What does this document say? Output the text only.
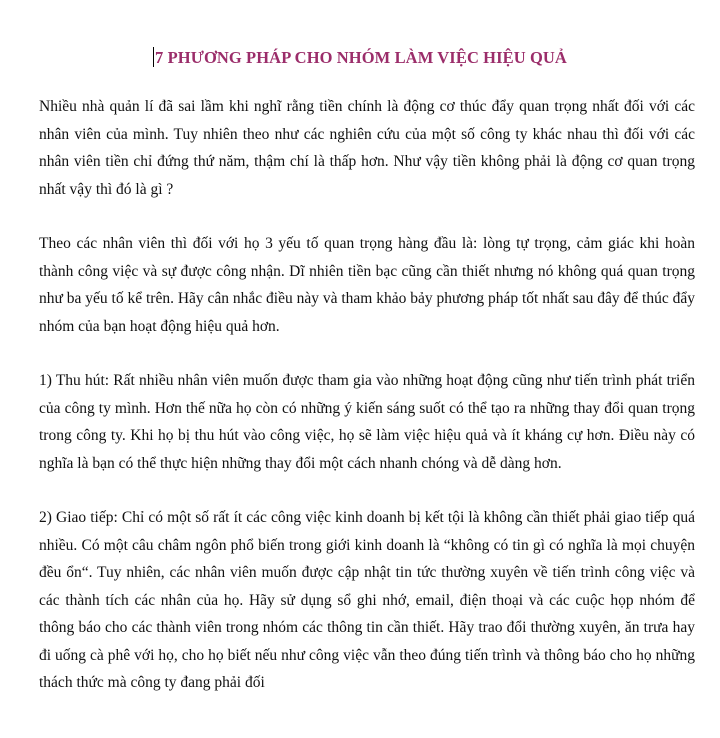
7 PHƯƠNG PHÁP CHO NHÓM LÀM VIỆC HIỆU QUẢ

Nhiều nhà quản lí đã sai lầm khi nghĩ rằng tiền chính là động cơ thúc đẩy quan trọng nhất đối với các nhân viên của mình. Tuy nhiên theo như các nghiên cứu của một số công ty khác nhau thì đối với các nhân viên tiền chỉ đứng thứ năm, thậm chí là thấp hơn. Như vậy tiền không phải là động cơ quan trọng nhất vậy thì đó là gì ?

Theo các nhân viên thì đối với họ 3 yếu tố quan trọng hàng đầu là: lòng tự trọng, cảm giác khi hoàn thành công việc và sự được công nhận. Dĩ nhiên tiền bạc cũng cần thiết nhưng nó không quá quan trọng như ba yếu tố kể trên. Hãy cân nhắc điều này và tham khảo bảy phương pháp tốt nhất sau đây để thúc đẩy nhóm của bạn hoạt động hiệu quả hơn.

1) Thu hút: Rất nhiều nhân viên muốn được tham gia vào những hoạt động cũng như tiến trình phát triển của công ty mình. Hơn thế nữa họ còn có những ý kiến sáng suốt có thể tạo ra những thay đổi quan trọng trong công ty. Khi họ bị thu hút vào công việc, họ sẽ làm việc hiệu quả và ít kháng cự hơn. Điều này có nghĩa là bạn có thể thực hiện những thay đổi một cách nhanh chóng và dễ dàng hơn.

2) Giao tiếp: Chỉ có một số rất ít các công việc kinh doanh bị kết tội là không cần thiết phải giao tiếp quá nhiều. Có một câu châm ngôn phổ biến trong giới kinh doanh là “không có tin gì có nghĩa là mọi chuyện đều ổn“. Tuy nhiên, các nhân viên muốn được cập nhật tin tức thường xuyên về tiến trình công việc và các thành tích các nhân của họ. Hãy sử dụng sổ ghi nhớ, email, điện thoại và các cuộc họp nhóm để thông báo cho các thành viên trong nhóm các thông tin cần thiết. Hãy trao đổi thường xuyên, ăn trưa hay đi uống cà phê với họ, cho họ biết nếu như công việc vẫn theo đúng tiến trình và thông báo cho họ những thách thức mà công ty đang phải đối
